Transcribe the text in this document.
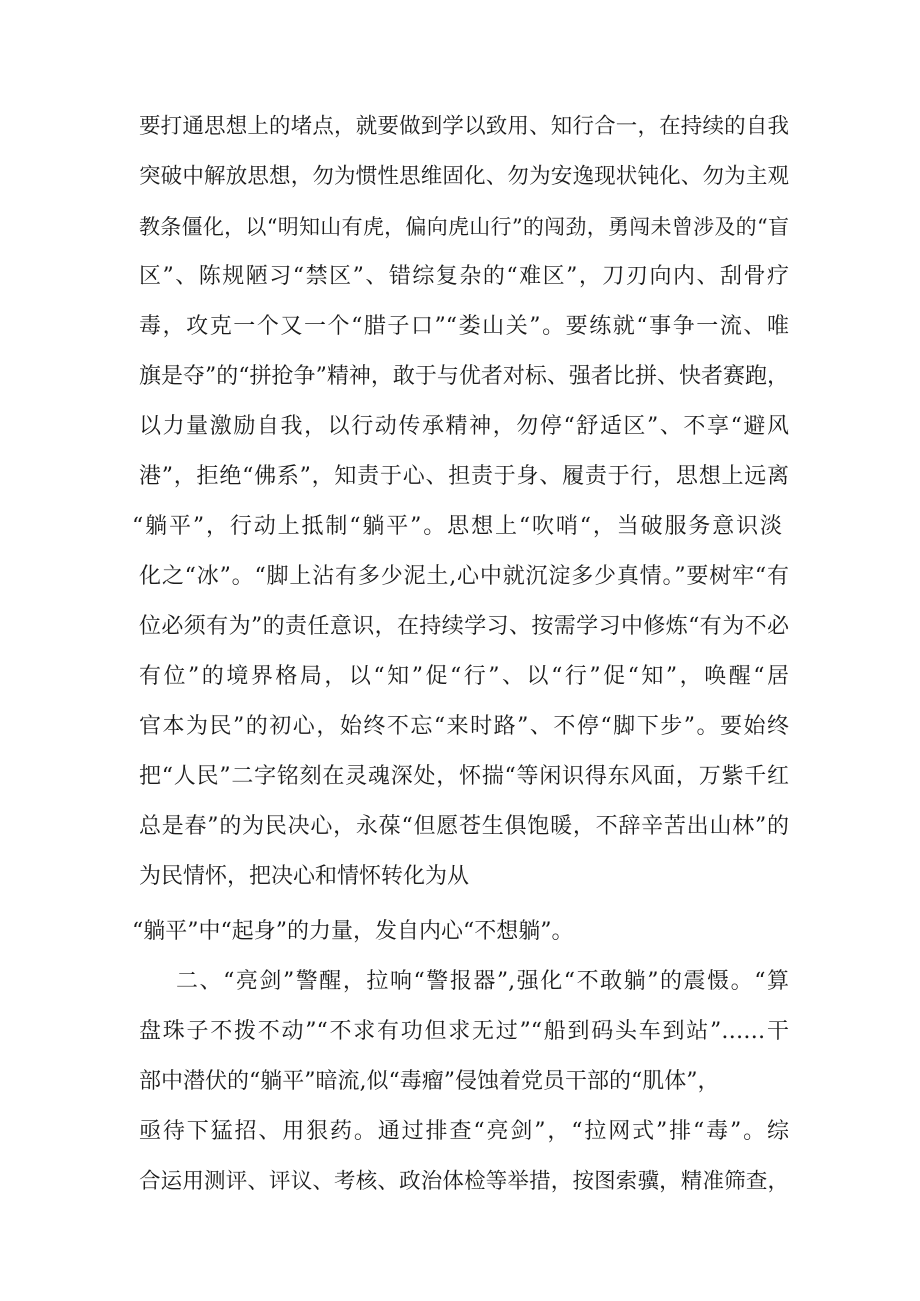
要打通思想上的堵点，就要做到学以致用、知行合一，在持续的自我
突破中解放思想，勿为惯性思维固化、勿为安逸现状钝化、勿为主观
教条僵化，以“明知山有虎，偏向虎山行”的闯劲，勇闯未曾涉及的“盲
区”、陈规陋习“禁区”、错综复杂的“难区”，刀刃向内、刮骨疗
毒，攻克一个又一个“腊子口”“娄山关”。要练就“事争一流、唯
旗是夺”的“拼抢争”精神，敢于与优者对标、强者比拼、快者赛跑，
以力量激励自我，以行动传承精神，勿停“舒适区”、不享“避风
港”，拒绝“佛系”，知责于心、担责于身、履责于行，思想上远离
“躺平”，行动上抵制“躺平”。思想上“吹哨“，当破服务意识淡
化之“冰”。“脚上沾有多少泥土,心中就沉淀多少真情。”要树牢“有
位必须有为”的责任意识，在持续学习、按需学习中修炼“有为不必
有位”的境界格局，以“知”促“行”、以“行”促“知”，唤醒“居
官本为民”的初心，始终不忘“来时路”、不停“脚下步”。要始终
把“人民”二字铭刻在灵魂深处，怀揣“等闲识得东风面，万紫千红
总是春”的为民决心，永葆“但愿苍生俱饱暖，不辞辛苦出山林”的
为民情怀，把决心和情怀转化为从
“躺平”中“起身”的力量，发自内心“不想躺”。
二、“亮剑”警醒，拉响“警报器”,强化“不敢躺”的震慑。“算
盘珠子不拨不动”“不求有功但求无过”“船到码头车到站”……干
部中潜伏的“躺平”暗流,似“毒瘤”侵蚀着党员干部的“肌体”，
亟待下猛招、用狠药。通过排查“亮剑”，“拉网式”排“毒”。综
合运用测评、评议、考核、政治体检等举措，按图索骥，精准筛查，
